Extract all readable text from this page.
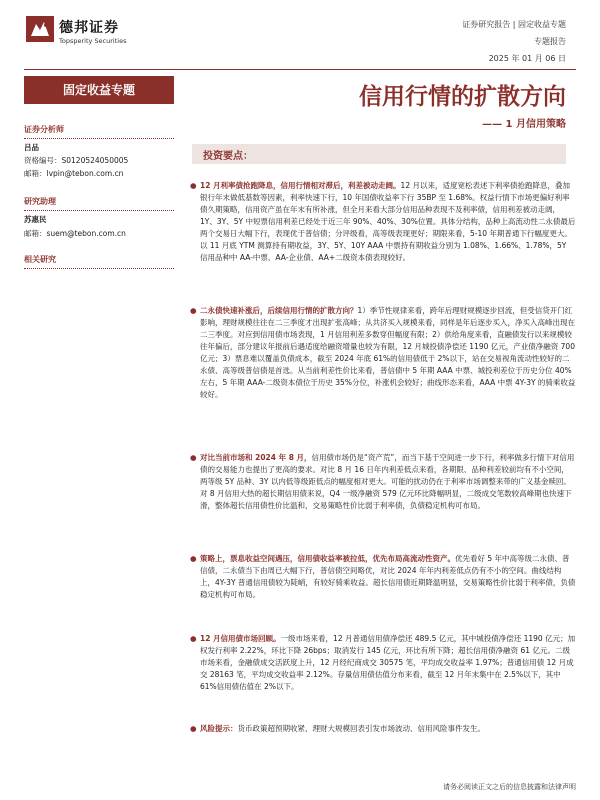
德邦证券
Topsperity Securities
证券研究报告 | 固定收益专题
专题报告
2025 年 01 月 06 日
固定收益专题
证券分析师
吕品
资格编号：S0120524050005
邮箱：lvpin@tebon.com.cn
研究助理
苏惠民
邮箱：suem@tebon.com.cn
相关研究
信用行情的扩散方向
—— 1 月信用策略
投资要点：
● 12 月利率债抢跑降息，信用行情相对滞后，利差被动走阔。12 月以来，适度宽松表述下利率债抢跑降息，叠加银行年末做低基数等因素，利率快速下行，10 年国债收益率下行 35BP 至 1.68%。权益行情下市场更偏好利率债久期策略，信用资产虽在年末有所补涨，但全月来看大部分信用品种表现不及利率债，信用利差被动走阔，1Y、3Y、5Y 中短票信用利差已经处于近三年 90%、40%、30%位置。具体分结构，品种上高流动性二永债最后两个交易日大幅下行，表现优于普信债；分评级看，高等级表现更好；期限来看，5-10 年期普通下行幅度更大。以 11 月底 YTM 测算持有期收益，3Y、5Y、10Y AAA 中票持有期收益分别为 1.08%、1.66%、1.78%，5Y 信用品种中 AA-中票、AA-企业债、AA+二级资本债表现较好。

● 二永债快速补涨后，后续信用行情的扩散方向？1）季节性规律来看，跨年后理财规模逐步回流，但受信贷开门红影响，理财规模往往在二三季度才出现扩张高峰；从共济买入规模来看，同样是年后逐步买入，净买入高峰出现在二三季度。对应到信用债市场表现，1 月信用利差多数穿但幅度有限；2）供给角度来看，直融债发行以来规模较往年偏后，部分建议年报前后遇适度给融资增量也较为有限，12 月城投债净偿还 1190 亿元，产业债净融资 700 亿元；3）票息难以覆盖负债成本，截至 2024 年底 61%的信用债低于 2%以下，站在交易视角流动性较好的二永债、高等级普信债是首选。从当前利差性价比来看，普信债中 5 年期 AAA 中票、城投利差位于历史分位 40%左右，5 年期 AAA-二级资本债位于历史 35%分位，补涨机会较好；曲线形态来看，AAA 中票 4Y-3Y 的骑乘收益较好。

● 对比当前市场和 2024 年 8 月，信用债市场仍是“资产荒”，而当下基于空间进一步下行，利率做多行情下对信用债的交易能力也提出了更高的要求。对比 8 月 16 日年内利差低点来看，各期限、品种利差较前均有不小空间，两等级 5Y 品种、3Y 以内低等级距低点的幅度相对更大。可能的扰动仍在于利率市场调整来带的广义基金赎回。对 8 月信用大热的超长期信用债来说，Q4 一级净融资 579 亿元环比降幅明显，二级成交笔数较高峰期也快速下滑，整体超长信用债性价比温和，交易策略性价比弱于利率债，负债稳定机构可布局。

● 策略上，票息收益空间遇压，信用债收益率被拉低，优先布局高流动性资产。优先看好 5 年中高等级二永债、普信债，二永债当下由周已大幅下行，普信债空间略优，对比 2024 年年内利差低点仍有不小的空间。曲线结构上，4Y-3Y 普通信用债较为陡峭，有较好骑乘收益。超长信用债近期降温明显，交易策略性价比弱于利率债，负债稳定机构可布局。

● 12 月信用债市场回顾。一级市场来看，12 月普通信用债净偿还 489.5 亿元，其中城投债净偿还 1190 亿元；加权发行利率 2.22%，环比下降 26bps；取消发行 145 亿元，环比有所下降；超长信用债净融资 61 亿元。二级市场来看，金融债成交活跃度上升，12 月经纪商成交 30575 笔，平均成交收益率 1.97%；普通信用债 12 月成交 28163 笔，平均成交收益率 2.12%。存量信用债估值分布来看，截至 12 月年末集中在 2.5%以下，其中 61%信用债估值在 2%以下。

● 风险提示：货币政策超预期收紧、理财大规模回表引发市场波动、信用风险事件发生。

请务必阅读正文之后的信息披露和法律声明
